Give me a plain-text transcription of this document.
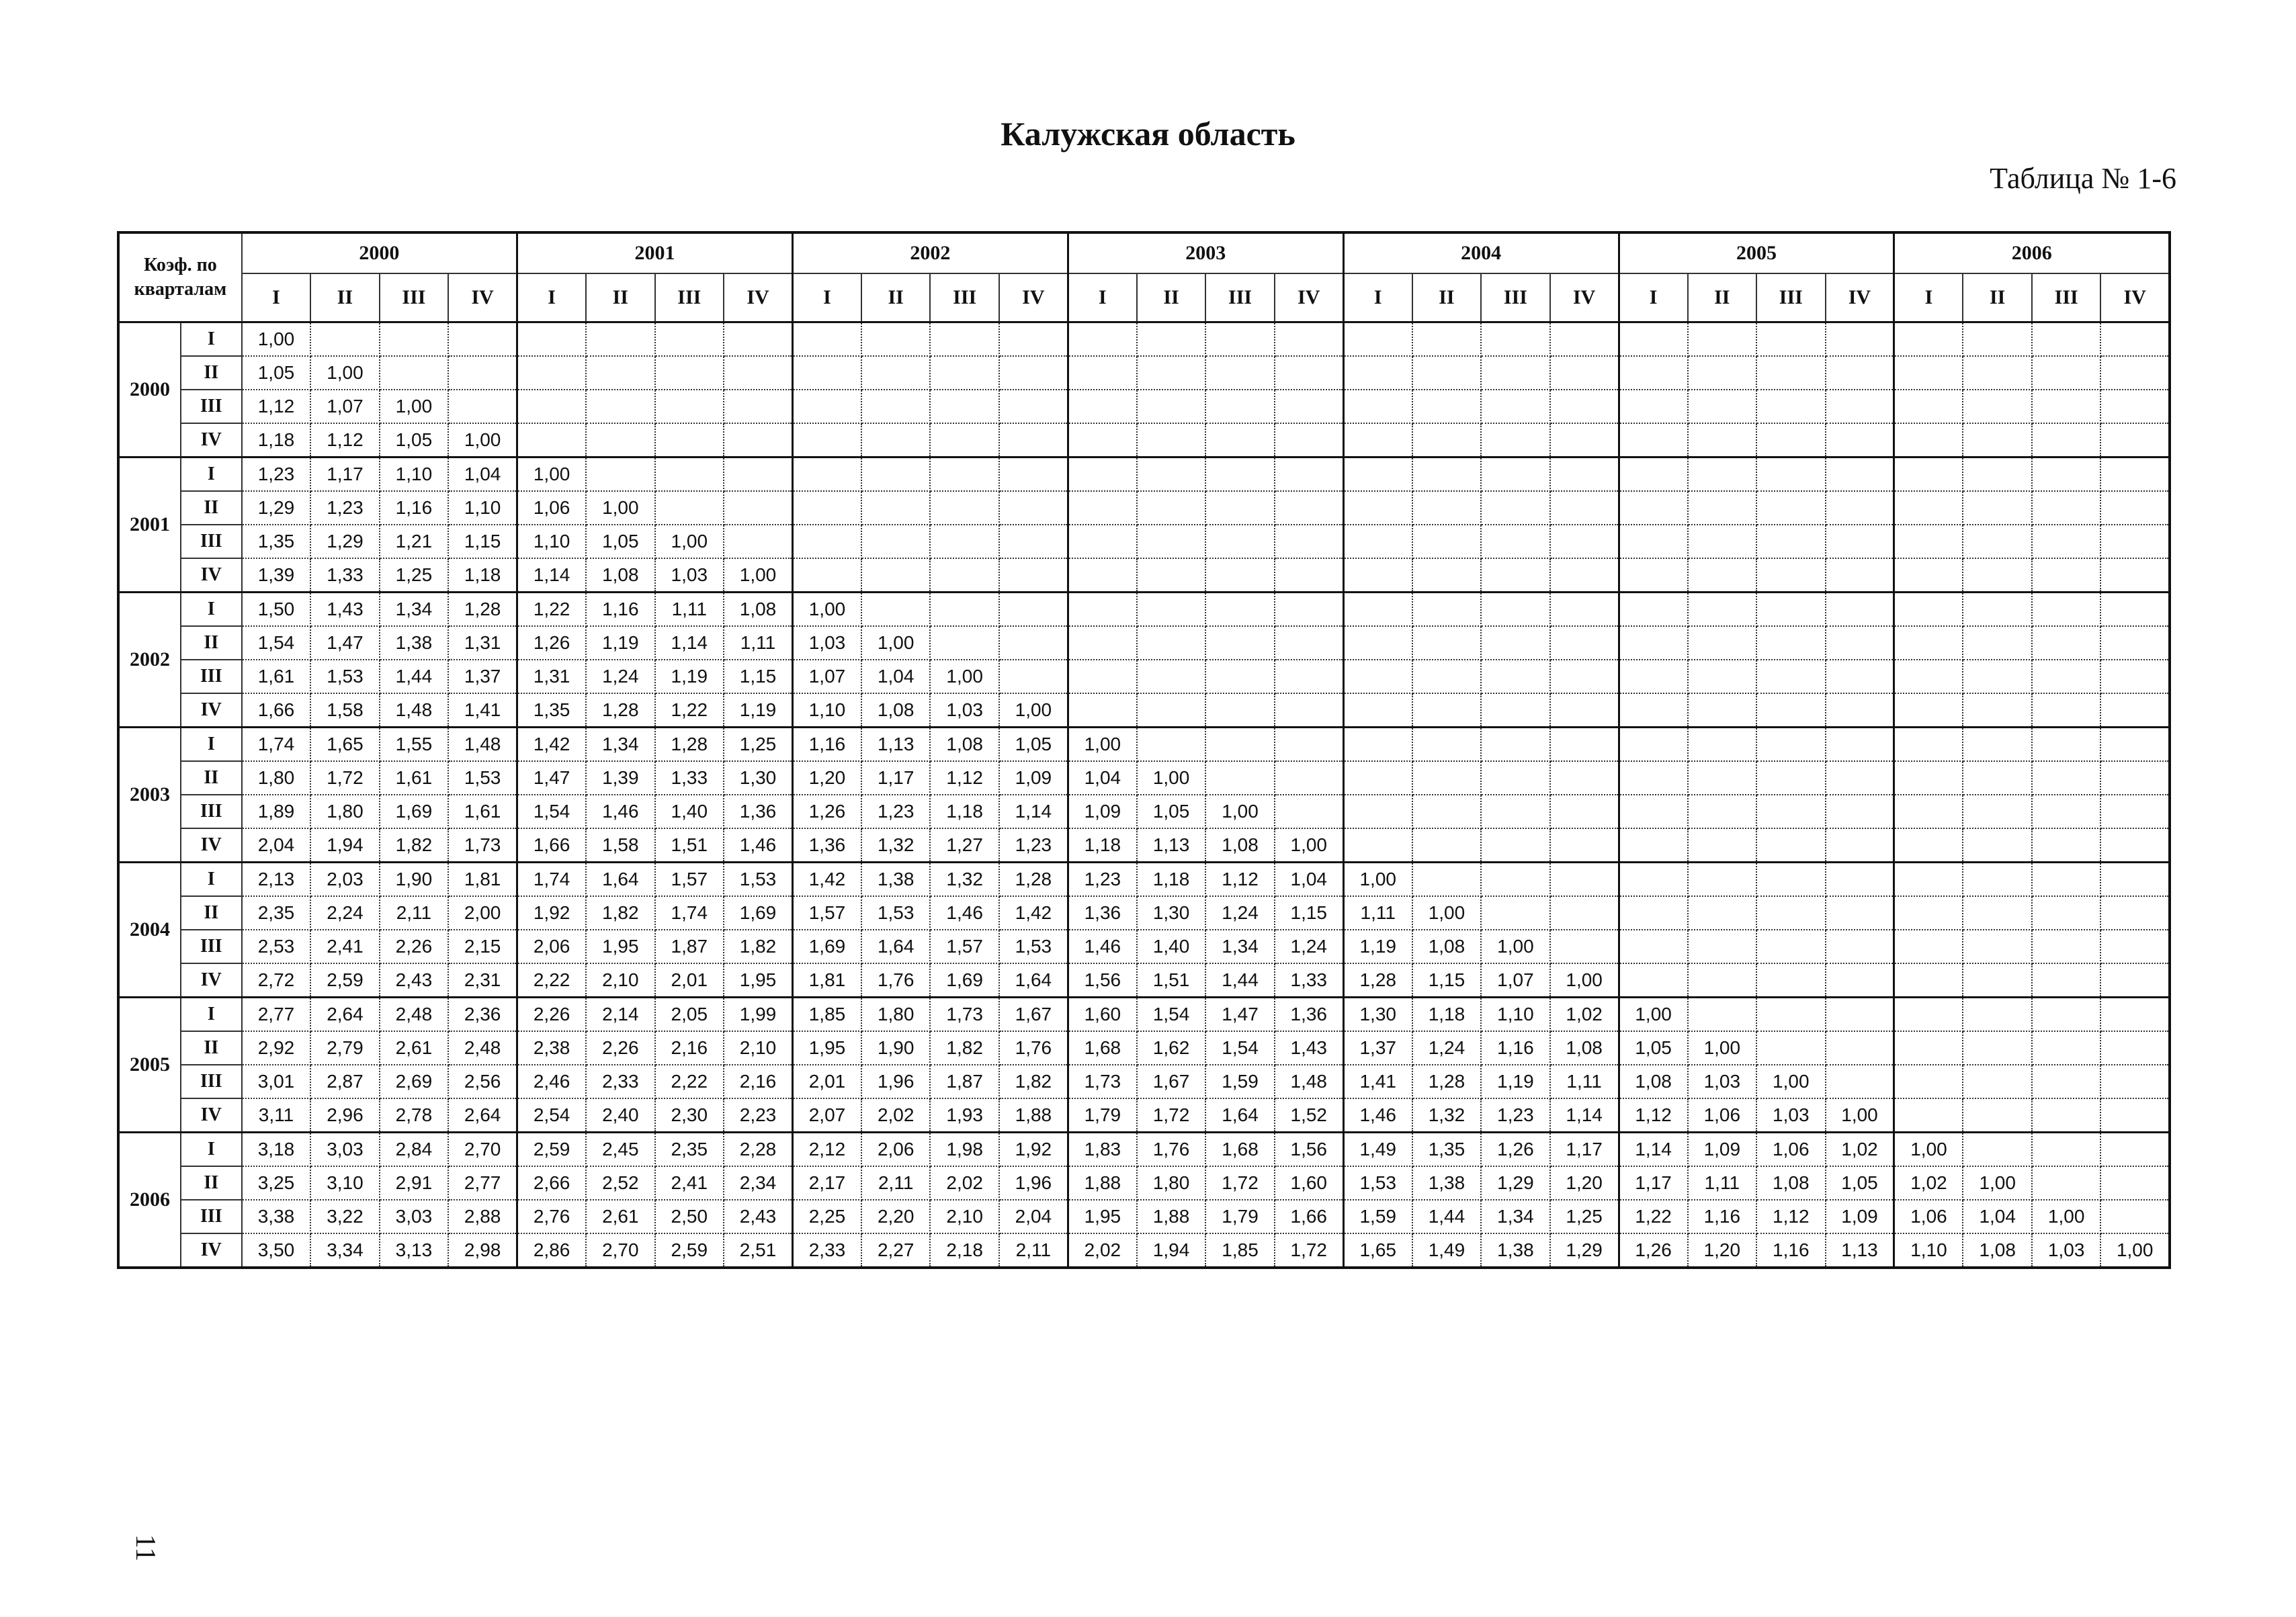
Калужская область
Таблица № 1-6
Коэф. по кварталам		2000				2001				2002				2003				2004				2005				2006			
		I	II	III	IV	I	II	III	IV	I	II	III	IV	I	II	III	IV	I	II	III	IV	I	II	III	IV	I	II	III	IV
2000	I	1,00																											
	II	1,05	1,00																										
	III	1,12	1,07	1,00																									
	IV	1,18	1,12	1,05	1,00																								
2001	I	1,23	1,17	1,10	1,04	1,00																							
	II	1,29	1,23	1,16	1,10	1,06	1,00																						
	III	1,35	1,29	1,21	1,15	1,10	1,05	1,00																					
	IV	1,39	1,33	1,25	1,18	1,14	1,08	1,03	1,00																				
2002	I	1,50	1,43	1,34	1,28	1,22	1,16	1,11	1,08	1,00																			
	II	1,54	1,47	1,38	1,31	1,26	1,19	1,14	1,11	1,03	1,00																		
	III	1,61	1,53	1,44	1,37	1,31	1,24	1,19	1,15	1,07	1,04	1,00																	
	IV	1,66	1,58	1,48	1,41	1,35	1,28	1,22	1,19	1,10	1,08	1,03	1,00																
2003	I	1,74	1,65	1,55	1,48	1,42	1,34	1,28	1,25	1,16	1,13	1,08	1,05	1,00															
	II	1,80	1,72	1,61	1,53	1,47	1,39	1,33	1,30	1,20	1,17	1,12	1,09	1,04	1,00														
	III	1,89	1,80	1,69	1,61	1,54	1,46	1,40	1,36	1,26	1,23	1,18	1,14	1,09	1,05	1,00													
	IV	2,04	1,94	1,82	1,73	1,66	1,58	1,51	1,46	1,36	1,32	1,27	1,23	1,18	1,13	1,08	1,00												
2004	I	2,13	2,03	1,90	1,81	1,74	1,64	1,57	1,53	1,42	1,38	1,32	1,28	1,23	1,18	1,12	1,04	1,00											
	II	2,35	2,24	2,11	2,00	1,92	1,82	1,74	1,69	1,57	1,53	1,46	1,42	1,36	1,30	1,24	1,15	1,11	1,00										
	III	2,53	2,41	2,26	2,15	2,06	1,95	1,87	1,82	1,69	1,64	1,57	1,53	1,46	1,40	1,34	1,24	1,19	1,08	1,00									
	IV	2,72	2,59	2,43	2,31	2,22	2,10	2,01	1,95	1,81	1,76	1,69	1,64	1,56	1,51	1,44	1,33	1,28	1,15	1,07	1,00								
2005	I	2,77	2,64	2,48	2,36	2,26	2,14	2,05	1,99	1,85	1,80	1,73	1,67	1,60	1,54	1,47	1,36	1,30	1,18	1,10	1,02	1,00							
	II	2,92	2,79	2,61	2,48	2,38	2,26	2,16	2,10	1,95	1,90	1,82	1,76	1,68	1,62	1,54	1,43	1,37	1,24	1,16	1,08	1,05	1,00						
	III	3,01	2,87	2,69	2,56	2,46	2,33	2,22	2,16	2,01	1,96	1,87	1,82	1,73	1,67	1,59	1,48	1,41	1,28	1,19	1,11	1,08	1,03	1,00					
	IV	3,11	2,96	2,78	2,64	2,54	2,40	2,30	2,23	2,07	2,02	1,93	1,88	1,79	1,72	1,64	1,52	1,46	1,32	1,23	1,14	1,12	1,06	1,03	1,00				
2006	I	3,18	3,03	2,84	2,70	2,59	2,45	2,35	2,28	2,12	2,06	1,98	1,92	1,83	1,76	1,68	1,56	1,49	1,35	1,26	1,17	1,14	1,09	1,06	1,02	1,00			
	II	3,25	3,10	2,91	2,77	2,66	2,52	2,41	2,34	2,17	2,11	2,02	1,96	1,88	1,80	1,72	1,60	1,53	1,38	1,29	1,20	1,17	1,11	1,08	1,05	1,02	1,00		
	III	3,38	3,22	3,03	2,88	2,76	2,61	2,50	2,43	2,25	2,20	2,10	2,04	1,95	1,88	1,79	1,66	1,59	1,44	1,34	1,25	1,22	1,16	1,12	1,09	1,06	1,04	1,00	
	IV	3,50	3,34	3,13	2,98	2,86	2,70	2,59	2,51	2,33	2,27	2,18	2,11	2,02	1,94	1,85	1,72	1,65	1,49	1,38	1,29	1,26	1,20	1,16	1,13	1,10	1,08	1,03	1,00
11
